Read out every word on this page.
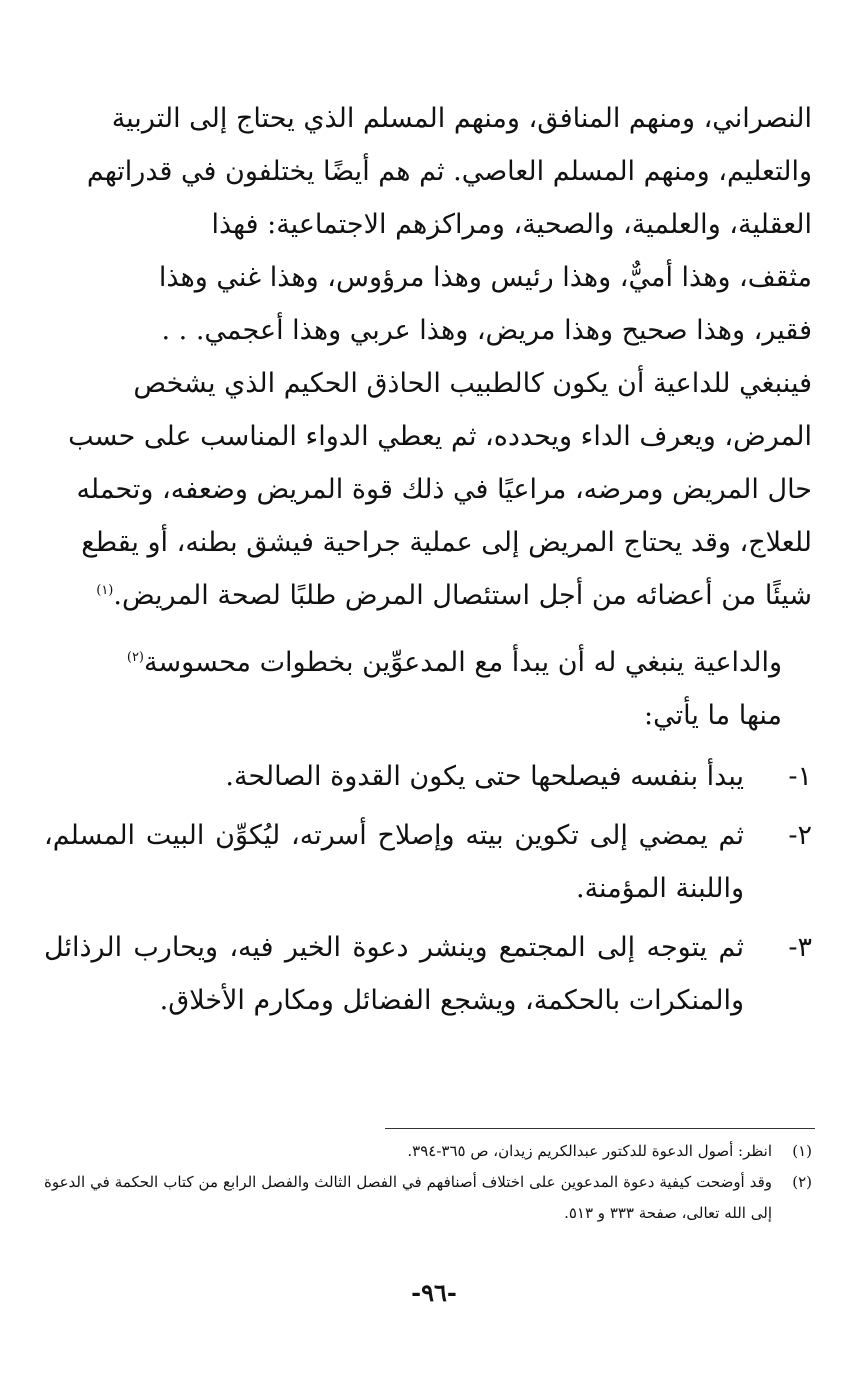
النصراني، ومنهم المنافق، ومنهم المسلم الذي يحتاج إلى التربية
والتعليم، ومنهم المسلم العاصي. ثم هم أيضًا يختلفون في قدراتهم
العقلية، والعلمية، والصحية، ومراكزهم الاجتماعية: فهذا
مثقف، وهذا أميٌّ، وهذا رئيس وهذا مرؤوس، وهذا غني وهذا
فقير، وهذا صحيح وهذا مريض، وهذا عربي وهذا أعجمي. . .
فينبغي للداعية أن يكون كالطبيب الحاذق الحكيم الذي يشخص
المرض، ويعرف الداء ويحدده، ثم يعطي الدواء المناسب على حسب
حال المريض ومرضه، مراعيًا في ذلك قوة المريض وضعفه، وتحمله
للعلاج، وقد يحتاج المريض إلى عملية جراحية فيشق بطنه، أو يقطع
شيئًا من أعضائه من أجل استئصال المرض طلبًا لصحة المريض.$^{(١)}$

والداعية ينبغي له أن يبدأ مع المدعوِّين بخطوات محسوسة$^{(٢)}$
منها ما يأتي:

١-
يبدأ بنفسه فيصلحها حتى يكون القدوة الصالحة.
٢-
ثم يمضي إلى تكوين بيته وإصلاح أسرته، ليُكوِّن البيت المسلم، واللبنة المؤمنة.
٣-
ثم يتوجه إلى المجتمع وينشر دعوة الخير فيه، ويحارب الرذائل والمنكرات بالحكمة، ويشجع الفضائل ومكارم الأخلاق.
(١)
انظر: أصول الدعوة للدكتور عبدالكريم زيدان، ص ٣٦٥-٣٩٤.
(٢)
وقد أوضحت كيفية دعوة المدعوين على اختلاف أصنافهم في الفصل الثالث والفصل الرابع من كتاب الحكمة في الدعوة إلى الله تعالى، صفحة ٣٣٣ و ٥١٣.
-٩٦-
